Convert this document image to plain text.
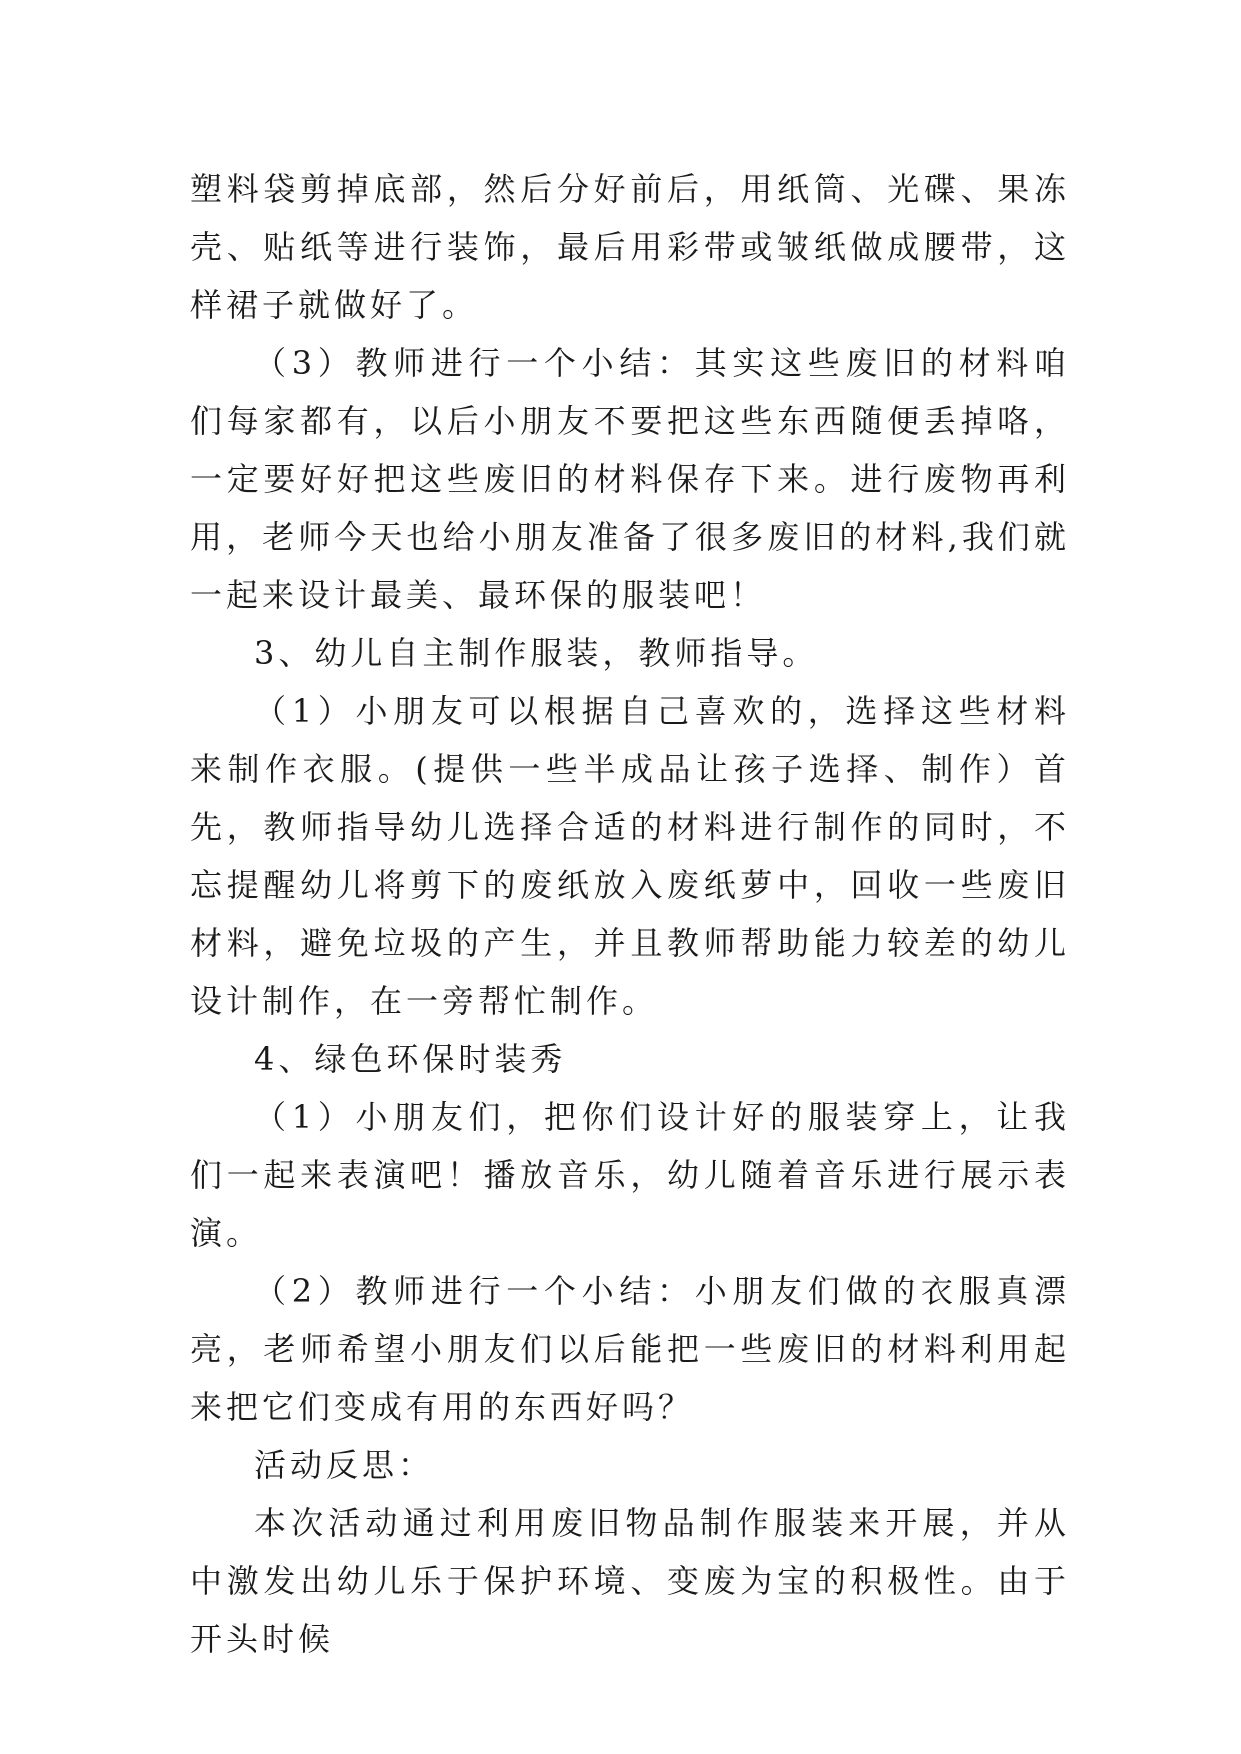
塑料袋剪掉底部，然后分好前后，用纸筒、光碟、果冻壳、贴纸等进行装饰，最后用彩带或皱纸做成腰带，这样裙子就做好了。

（3）教师进行一个小结：其实这些废旧的材料咱们每家都有，以后小朋友不要把这些东西随便丢掉咯，一定要好好把这些废旧的材料保存下来。进行废物再利用，老师今天也给小朋友准备了很多废旧的材料,我们就一起来设计最美、最环保的服装吧！

3、幼儿自主制作服装，教师指导。

（1）小朋友可以根据自己喜欢的，选择这些材料来制作衣服。(提供一些半成品让孩子选择、制作）首先，教师指导幼儿选择合适的材料进行制作的同时，不忘提醒幼儿将剪下的废纸放入废纸萝中，回收一些废旧材料，避免垃圾的产生，并且教师帮助能力较差的幼儿设计制作，在一旁帮忙制作。

4、绿色环保时装秀

（1）小朋友们，把你们设计好的服装穿上，让我们一起来表演吧！播放音乐，幼儿随着音乐进行展示表演。

（2）教师进行一个小结：小朋友们做的衣服真漂亮，老师希望小朋友们以后能把一些废旧的材料利用起来把它们变成有用的东西好吗？

活动反思：

本次活动通过利用废旧物品制作服装来开展，并从中激发出幼儿乐于保护环境、变废为宝的积极性。由于开头时候
